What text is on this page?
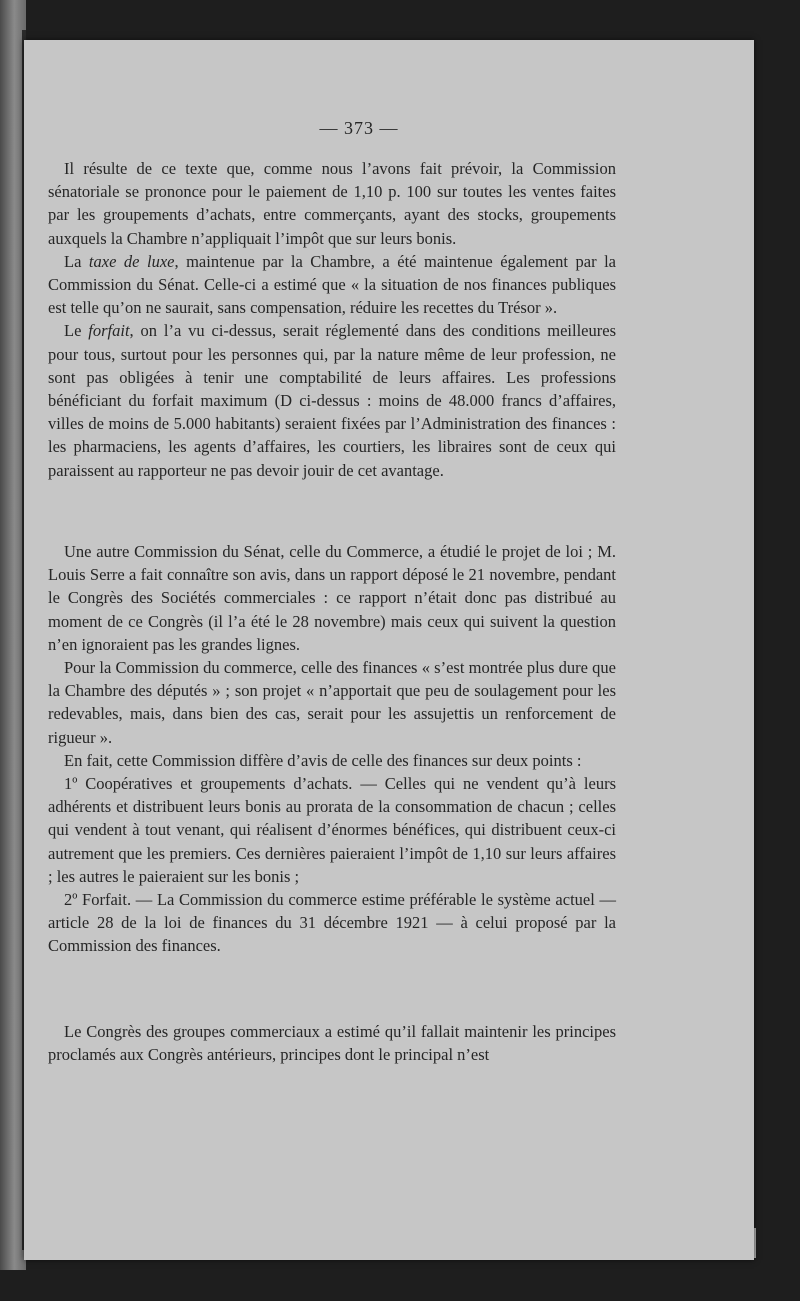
— 373 —

Il résulte de ce texte que, comme nous l’avons fait prévoir, la Commission sénatoriale se prononce pour le paiement de 1,10 p. 100 sur toutes les ventes faites par les groupements d’achats, entre commerçants, ayant des stocks, groupements auxquels la Chambre n’appliquait l’impôt que sur leurs bonis.

La taxe de luxe, maintenue par la Chambre, a été maintenue également par la Commission du Sénat. Celle-ci a estimé que « la situation de nos finances publiques est telle qu’on ne saurait, sans compensation, réduire les recettes du Trésor ».

Le forfait, on l’a vu ci-dessus, serait réglementé dans des conditions meilleures pour tous, surtout pour les personnes qui, par la nature même de leur profession, ne sont pas obligées à tenir une comptabilité de leurs affaires. Les professions bénéficiant du forfait maximum (D ci-dessus : moins de 48.000 francs d’affaires, villes de moins de 5.000 habitants) seraient fixées par l’Administration des finances : les pharmaciens, les agents d’affaires, les courtiers, les libraires sont de ceux qui paraissent au rapporteur ne pas devoir jouir de cet avantage.

Une autre Commission du Sénat, celle du Commerce, a étudié le projet de loi ; M. Louis Serre a fait connaître son avis, dans un rapport déposé le 21 novembre, pendant le Congrès des Sociétés commerciales : ce rapport n’était donc pas distribué au moment de ce Congrès (il l’a été le 28 novembre) mais ceux qui suivent la question n’en ignoraient pas les grandes lignes.

Pour la Commission du commerce, celle des finances « s’est montrée plus dure que la Chambre des députés » ; son projet « n’apportait que peu de soulagement pour les redevables, mais, dans bien des cas, serait pour les assujettis un renforcement de rigueur ».

En fait, cette Commission diffère d’avis de celle des finances sur deux points :

1º Coopératives et groupements d’achats. — Celles qui ne vendent qu’à leurs adhérents et distribuent leurs bonis au prorata de la consommation de chacun ; celles qui vendent à tout venant, qui réalisent d’énormes bénéfices, qui distribuent ceux-ci autrement que les premiers. Ces dernières paieraient l’impôt de 1,10 sur leurs affaires ; les autres le paieraient sur les bonis ;

2º Forfait. — La Commission du commerce estime préférable le système actuel — article 28 de la loi de finances du 31 décembre 1921 — à celui proposé par la Commission des finances.

Le Congrès des groupes commerciaux a estimé qu’il fallait maintenir les principes proclamés aux Congrès antérieurs, principes dont le principal n’est
